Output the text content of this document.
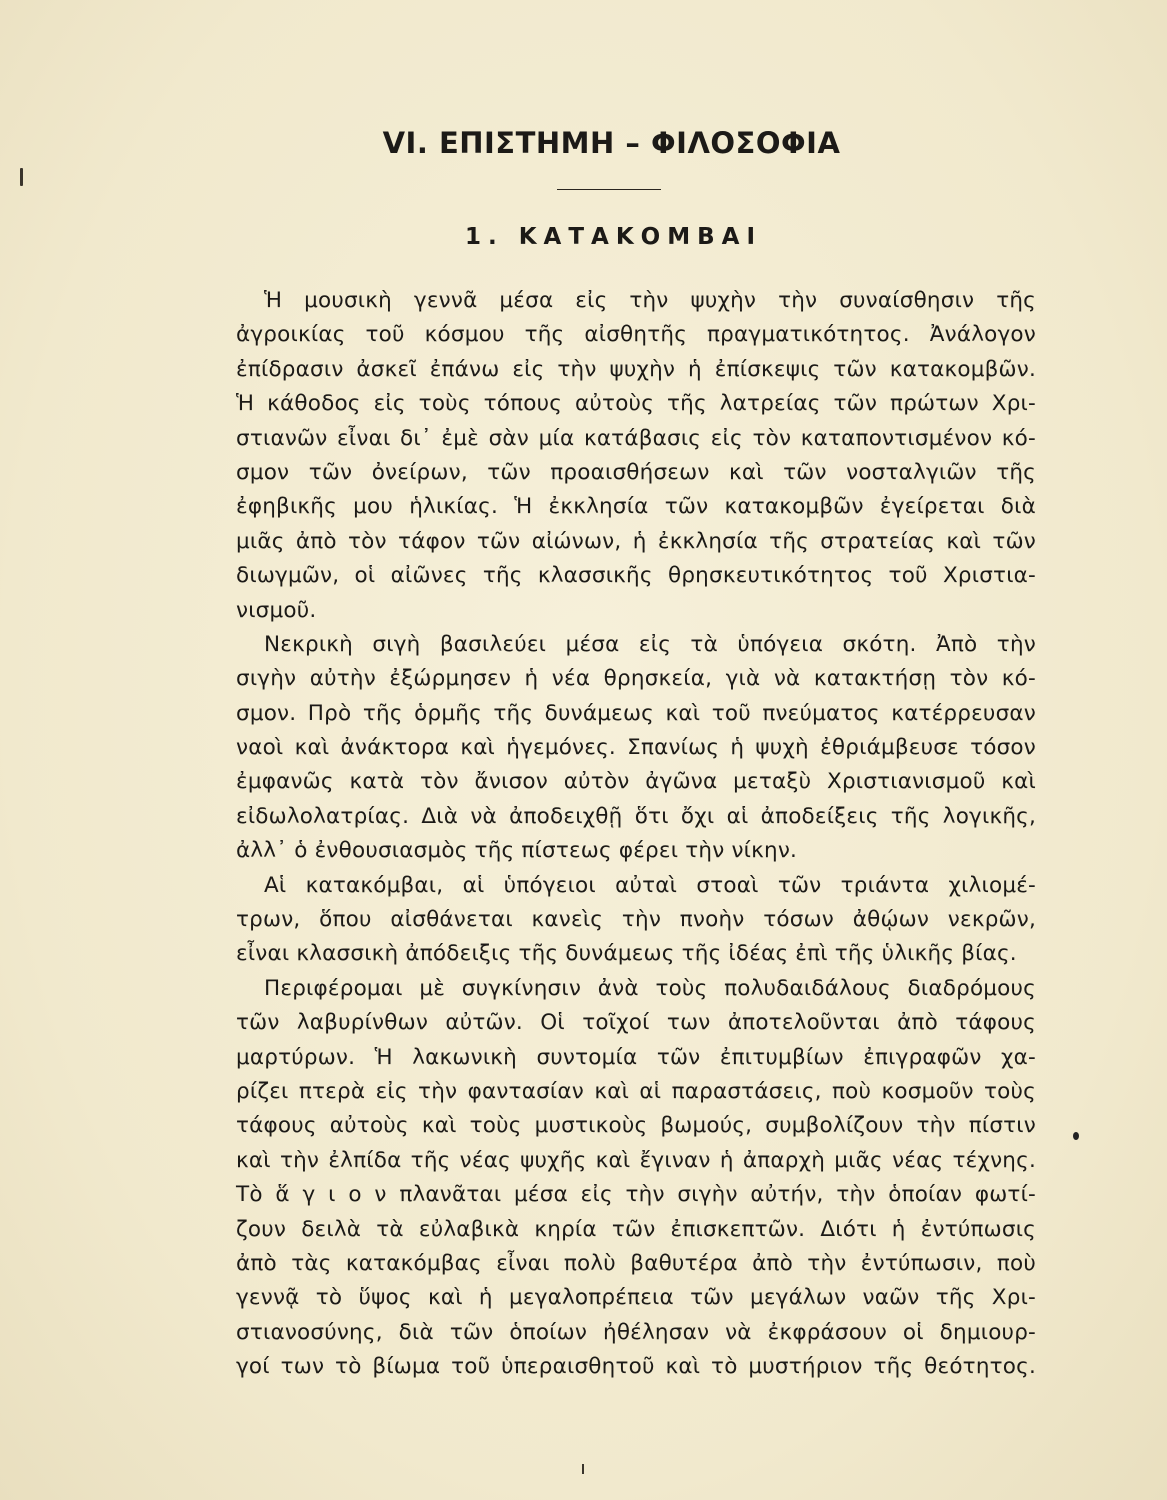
VI. ΕΠΙΣΤΗΜΗ – ΦΙΛΟΣΟΦΙΑ
1. ΚΑΤΑΚΟΜΒΑΙ
Ἡ μουσικὴ γεννᾶ μέσα εἰς τὴν ψυχὴν τὴν συναίσθησιν τῆς
ἀγροικίας τοῦ κόσμου τῆς αἰσθητῆς πραγματικότητος. Ἀνάλογον
ἐπίδρασιν ἀσκεῖ ἐπάνω εἰς τὴν ψυχὴν ἡ ἐπίσκεψις τῶν κατακομβῶν.
Ἡ κάθοδος εἰς τοὺς τόπους αὐτοὺς τῆς λατρείας τῶν πρώτων Χρι-
στιανῶν εἶναι δι᾿ ἐμὲ σὰν μία κατάβασις εἰς τὸν καταποντισμένον κό-
σμον τῶν ὀνείρων, τῶν προαισθήσεων καὶ τῶν νοσταλγιῶν τῆς
ἐφηβικῆς μου ἡλικίας. Ἡ ἐκκλησία τῶν κατακομβῶν ἐγείρεται διὰ
μιᾶς ἀπὸ τὸν τάφον τῶν αἰώνων, ἡ ἐκκλησία τῆς στρατείας καὶ τῶν
διωγμῶν, οἱ αἰῶνες τῆς κλασσικῆς θρησκευτικότητος τοῦ Χριστια-
νισμοῦ.
Νεκρικὴ σιγὴ βασιλεύει μέσα εἰς τὰ ὑπόγεια σκότη. Ἀπὸ τὴν
σιγὴν αὐτὴν ἐξώρμησεν ἡ νέα θρησκεία, γιὰ νὰ κατακτήσῃ τὸν κό-
σμον. Πρὸ τῆς ὁρμῆς τῆς δυνάμεως καὶ τοῦ πνεύματος κατέρρευσαν
ναοὶ καὶ ἀνάκτορα καὶ ἡγεμόνες. Σπανίως ἡ ψυχὴ ἐθριάμβευσε τόσον
ἐμφανῶς κατὰ τὸν ἄνισον αὐτὸν ἀγῶνα μεταξὺ Χριστιανισμοῦ καὶ
εἰδωλολατρίας. Διὰ νὰ ἀποδειχθῇ ὅτι ὄχι αἱ ἀποδείξεις τῆς λογικῆς,
ἀλλ᾿ ὁ ἐνθουσιασμὸς τῆς πίστεως φέρει τὴν νίκην.
Αἱ κατακόμβαι, αἱ ὑπόγειοι αὐταὶ στοαὶ τῶν τριάντα χιλιομέ-
τρων, ὅπου αἰσθάνεται κανεὶς τὴν πνοὴν τόσων ἀθῴων νεκρῶν,
εἶναι κλασσικὴ ἀπόδειξις τῆς δυνάμεως τῆς ἰδέας ἐπὶ τῆς ὑλικῆς βίας.
Περιφέρομαι μὲ συγκίνησιν ἀνὰ τοὺς πολυδαιδάλους διαδρόμους
τῶν λαβυρίνθων αὐτῶν. Οἱ τοῖχοί των ἀποτελοῦνται ἀπὸ τάφους
μαρτύρων. Ἡ λακωνικὴ συντομία τῶν ἐπιτυμβίων ἐπιγραφῶν χα-
ρίζει πτερὰ εἰς τὴν φαντασίαν καὶ αἱ παραστάσεις, ποὺ κοσμοῦν τοὺς
τάφους αὐτοὺς καὶ τοὺς μυστικοὺς βωμούς, συμβολίζουν τὴν πίστιν
καὶ τὴν ἐλπίδα τῆς νέας ψυχῆς καὶ ἔγιναν ἡ ἀπαρχὴ μιᾶς νέας τέχνης.
Τὸ ἅ γ ι ο ν πλανᾶται μέσα εἰς τὴν σιγὴν αὐτήν, τὴν ὁποίαν φωτί-
ζουν δειλὰ τὰ εὐλαβικὰ κηρία τῶν ἐπισκεπτῶν. Διότι ἡ ἐντύπωσις
ἀπὸ τὰς κατακόμβας εἶναι πολὺ βαθυτέρα ἀπὸ τὴν ἐντύπωσιν, ποὺ
γεννᾷ τὸ ὕψος καὶ ἡ μεγαλοπρέπεια τῶν μεγάλων ναῶν τῆς Χρι-
στιανοσύνης, διὰ τῶν ὁποίων ἠθέλησαν νὰ ἐκφράσουν οἱ δημιουρ-
γοί των τὸ βίωμα τοῦ ὑπεραισθητοῦ καὶ τὸ μυστήριον τῆς θεότητος.
